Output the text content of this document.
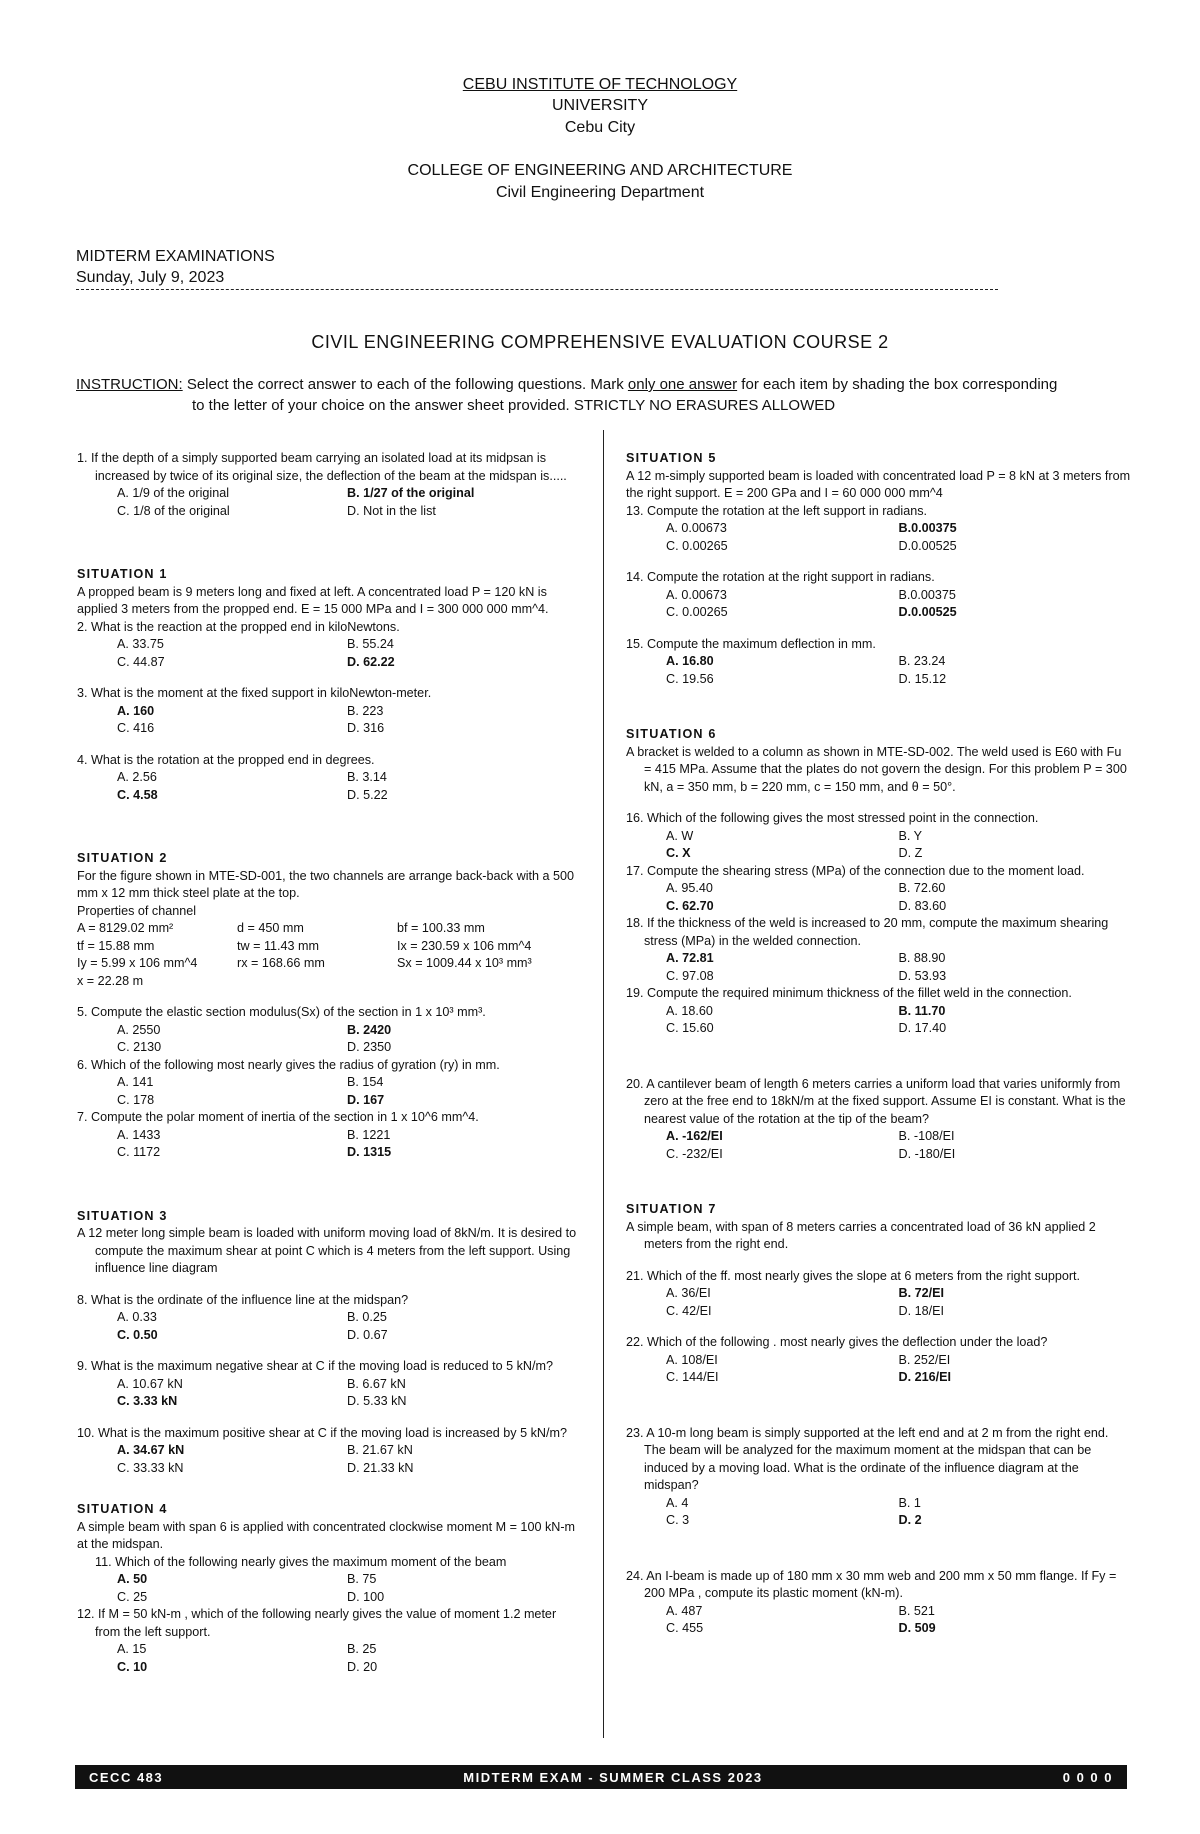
CEBU INSTITUTE OF TECHNOLOGY
UNIVERSITY
Cebu City
COLLEGE OF ENGINEERING AND ARCHITECTURE
Civil Engineering Department
MIDTERM EXAMINATIONS
Sunday, July 9, 2023
CIVIL ENGINEERING COMPREHENSIVE EVALUATION COURSE 2
INSTRUCTION: Select the correct answer to each of the following questions. Mark only one answer for each item by shading the box corresponding
to the letter of your choice on the answer sheet provided. STRICTLY NO ERASURES ALLOWED
1. If the depth of a simply supported beam carrying an isolated load at its midpsan is increased by twice of its original size, the deflection of the beam at the midspan is.....
A. 1/9 of the original	B. 1/27 of the original
C. 1/8 of the original	D. Not in the list
SITUATION 1
A propped beam is 9 meters long and fixed at left. A concentrated load P = 120 kN is applied 3 meters from the propped end. E = 15 000 MPa and I = 300 000 000 mm^4.
2. What is the reaction at the propped end in kiloNewtons.
A. 33.75	B. 55.24
C. 44.87	D. 62.22
3. What is the moment at the fixed support in kiloNewton-meter.
A. 160	B. 223
C. 416	D. 316
4. What is the rotation at the propped end in degrees.
A. 2.56	B. 3.14
C. 4.58	D. 5.22
SITUATION 2
For the figure shown in MTE-SD-001, the two channels are arrange back-back with a 500 mm x 12 mm thick steel plate at the top.
Properties of channel
A = 8129.02 mm²	d = 450 mm	bf = 100.33 mm
tf = 15.88 mm	tw = 11.43 mm	Ix = 230.59 x 106 mm^4
Iy = 5.99 x 106 mm^4	rx = 168.66 mm	Sx = 1009.44 x 10³ mm³
x = 22.28 m
5. Compute the elastic section modulus(Sx) of the section in 1 x 10³ mm³.
A. 2550	B. 2420
C. 2130	D. 2350
6. Which of the following most nearly gives the radius of gyration (ry) in mm.
A. 141	B. 154
C. 178	D. 167
7. Compute the polar moment of inertia of the section in 1 x 10^6 mm^4.
A. 1433	B. 1221
C. 1172	D. 1315
SITUATION 3
A 12 meter long simple beam is loaded with uniform moving load of 8kN/m. It is desired to compute the maximum shear at point C which is 4 meters from the left support. Using influence line diagram
8. What is the ordinate of the influence line at the midspan?
A. 0.33	B. 0.25
C. 0.50	D. 0.67
9. What is the maximum negative shear at C if the moving load is reduced to 5 kN/m?
A. 10.67 kN	B. 6.67 kN
C. 3.33 kN	D. 5.33 kN
10. What is the maximum positive shear at C if the moving load is increased by 5 kN/m?
A. 34.67 kN	B. 21.67 kN
C. 33.33 kN	D. 21.33 kN
SITUATION 4
A simple beam with span 6 is applied with concentrated clockwise moment M = 100 kN-m at the midspan.
11. Which of the following nearly gives the maximum moment of the beam
A. 50	B. 75
C. 25	D. 100
12. If M = 50 kN-m , which of the following nearly gives the value of moment 1.2 meter from the left support.
A. 15	B. 25
C. 10	D. 20
SITUATION 5
A 12 m-simply supported beam is loaded with concentrated load P = 8 kN at 3 meters from the right support. E = 200 GPa and I = 60 000 000 mm^4
13. Compute the rotation at the left support in radians.
A. 0.00673	B.0.00375
C. 0.00265	D.0.00525
14. Compute the rotation at the right support in radians.
A. 0.00673	B.0.00375
C. 0.00265	D.0.00525
15. Compute the maximum deflection in mm.
A. 16.80	B. 23.24
C. 19.56	D. 15.12
SITUATION 6
A bracket is welded to a column as shown in MTE-SD-002. The weld used is E60 with Fu = 415 MPa. Assume that the plates do not govern the design. For this problem P = 300 kN, a = 350 mm, b = 220 mm, c = 150 mm, and θ = 50°.
16. Which of the following gives the most stressed point in the connection.
A. W	B. Y
C. X	D. Z
17. Compute the shearing stress (MPa) of the connection due to the moment load.
A. 95.40	B. 72.60
C. 62.70	D. 83.60
18. If the thickness of the weld is increased to 20 mm, compute the maximum shearing stress (MPa) in the welded connection.
A. 72.81	B. 88.90
C. 97.08	D. 53.93
19. Compute the required minimum thickness of the fillet weld in the connection.
A. 18.60	B. 11.70
C. 15.60	D. 17.40
20. A cantilever beam of length 6 meters carries a uniform load that varies uniformly from zero at the free end to 18kN/m at the fixed support. Assume EI is constant. What is the nearest value of the rotation at the tip of the beam?
A. -162/EI	B. -108/EI
C. -232/EI	D. -180/EI
SITUATION 7
A simple beam, with span of 8 meters carries a concentrated load of 36 kN applied 2 meters from the right end.
21. Which of the ff. most nearly gives the slope at 6 meters from the right support.
A. 36/EI	B. 72/EI
C. 42/EI	D. 18/EI
22. Which of the following . most nearly gives the deflection under the load?
A. 108/EI	B. 252/EI
C. 144/EI	D. 216/EI
23. A 10-m long beam is simply supported at the left end and at 2 m from the right end. The beam will be analyzed for the maximum moment at the midspan that can be induced by a moving load. What is the ordinate of the influence diagram at the midspan?
A. 4	B. 1
C. 3	D. 2
24. An I-beam is made up of 180 mm x 30 mm web and 200 mm x 50 mm flange. If Fy = 200 MPa , compute its plastic moment (kN-m).
A. 487	B. 521
C. 455	D. 509
CECC 483	MIDTERM EXAM - SUMMER CLASS 2023	0 0 0 0
